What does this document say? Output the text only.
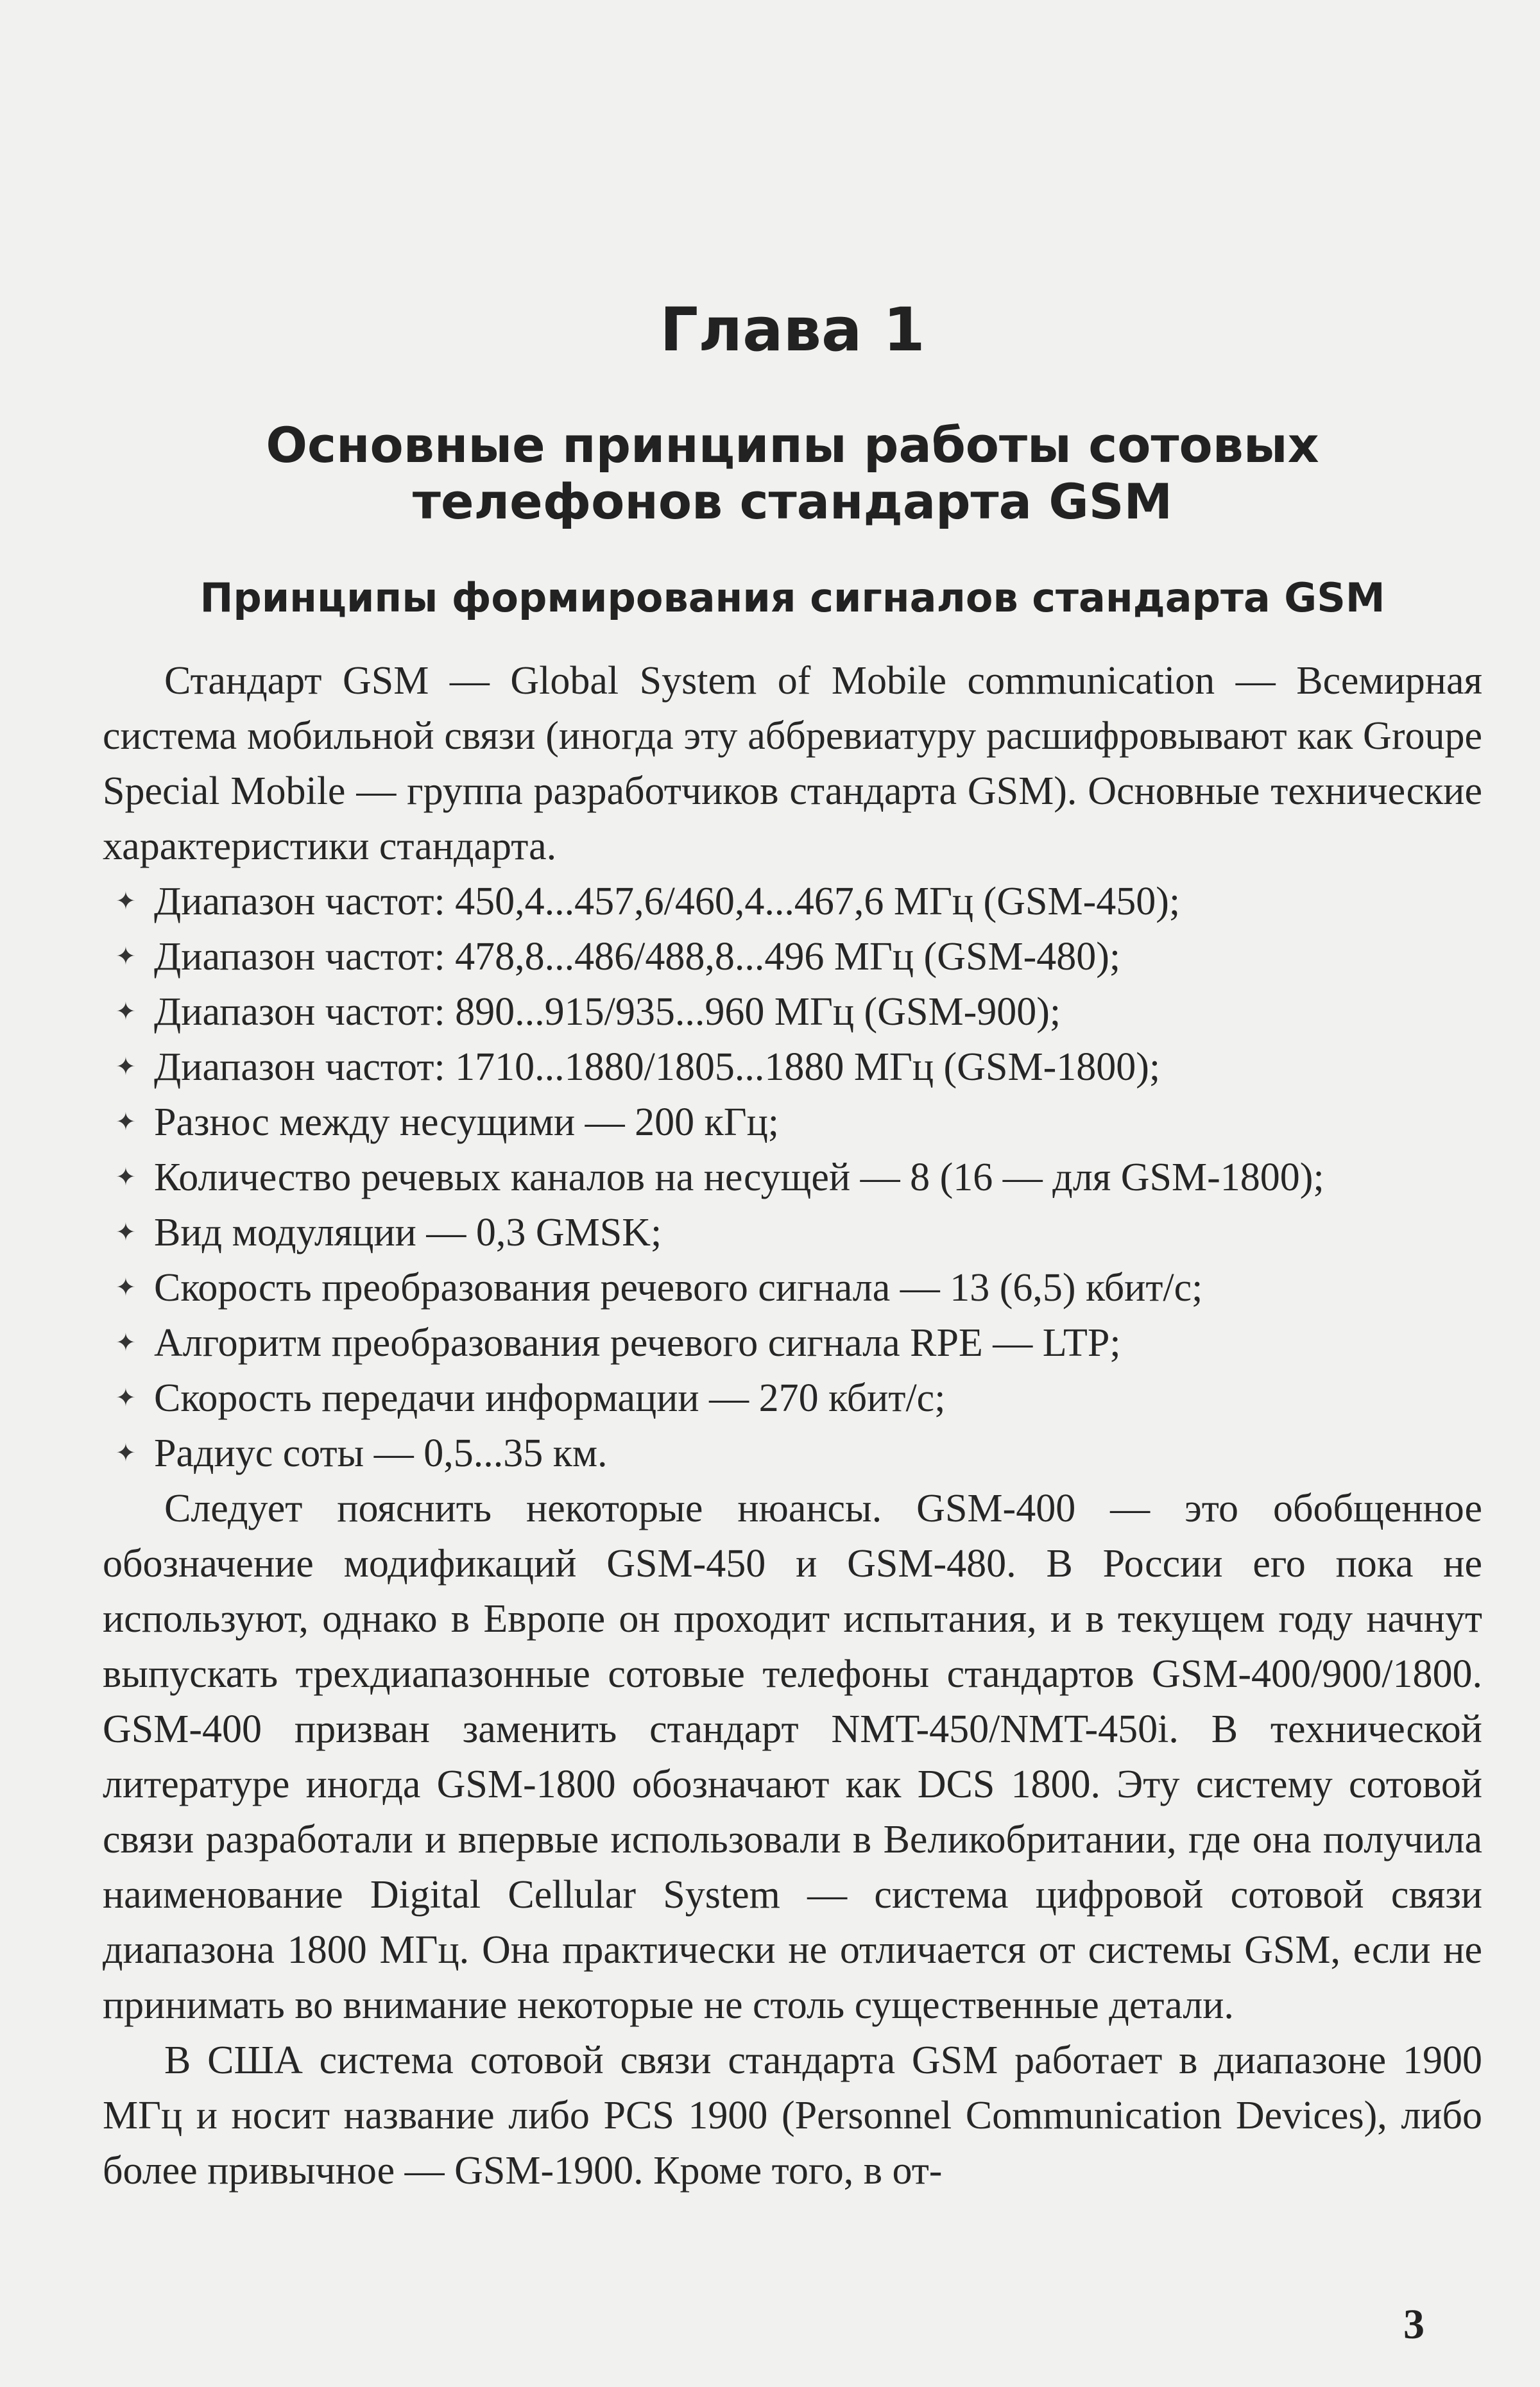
Глава 1
Основные принципы работы сотовых
телефонов стандарта GSM
Принципы формирования сигналов стандарта GSM

Стандарт GSM — Global System of Mobile communication — Всемирная система мобильной связи (иногда эту аббревиатуру расшифровывают как Groupe Special Mobile — группа разработчиков стандарта GSM). Основные технические характеристики стандарта.

✦ Диапазон частот: 450,4...457,6/460,4...467,6 МГц (GSM-450);
✦ Диапазон частот: 478,8...486/488,8...496 МГц (GSM-480);
✦ Диапазон частот: 890...915/935...960 МГц (GSM-900);
✦ Диапазон частот: 1710...1880/1805...1880 МГц (GSM-1800);
✦ Разнос между несущими — 200 кГц;
✦ Количество речевых каналов на несущей — 8 (16 — для GSM-1800);
✦ Вид модуляции — 0,3 GMSK;
✦ Скорость преобразования речевого сигнала — 13 (6,5) кбит/с;
✦ Алгоритм преобразования речевого сигнала RPE — LTP;
✦ Скорость передачи информации — 270 кбит/с;
✦ Радиус соты — 0,5...35 км.

Следует пояснить некоторые нюансы. GSM-400 — это обобщенное обозначение модификаций GSM-450 и GSM-480. В России его пока не используют, однако в Европе он проходит испытания, и в текущем году начнут выпускать трехдиапазонные сотовые телефоны стандартов GSM-400/900/1800. GSM-400 призван заменить стандарт NMT-450/NMT-450i. В технической литературе иногда GSM-1800 обозначают как DCS 1800. Эту систему сотовой связи разработали и впервые использовали в Великобритании, где она получила наименование Digital Cellular System — система цифровой сотовой связи диапазона 1800 МГц. Она практически не отличается от системы GSM, если не принимать во внимание некоторые не столь существенные детали.

В США система сотовой связи стандарта GSM работает в диапазоне 1900 МГц и носит название либо PCS 1900 (Personnel Communication Devices), либо более привычное — GSM-1900. Кроме того, в от-

3
